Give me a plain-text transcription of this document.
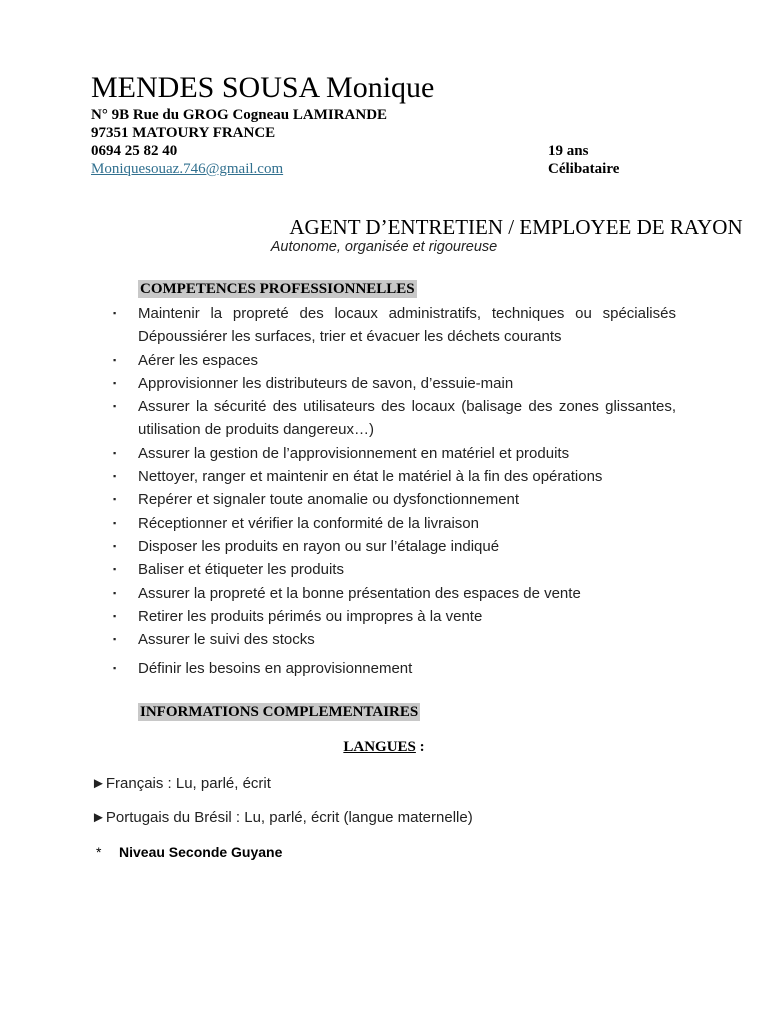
MENDES SOUSA Monique
N° 9B Rue du GROG Cogneau LAMIRANDE
97351 MATOURY FRANCE
0694 25 82 40
Moniquesouaz.746@gmail.com
19 ans
Célibataire
AGENT D’ENTRETIEN / EMPLOYEE DE RAYON
Autonome, organisée et rigoureuse
COMPETENCES PROFESSIONNELLES
▪ Maintenir la propreté des locaux administratifs, techniques ou spécialisés
Dépoussiérer les surfaces, trier et évacuer les déchets courants
▪ Aérer les espaces
▪ Approvisionner les distributeurs de savon, d’essuie-main
▪ Assurer la sécurité des utilisateurs des locaux (balisage des zones glissantes,
utilisation de produits dangereux…)
▪ Assurer la gestion de l’approvisionnement en matériel et produits
▪ Nettoyer, ranger et maintenir en état le matériel à la fin des opérations
▪ Repérer et signaler toute anomalie ou dysfonctionnement
▪ Réceptionner et vérifier la conformité de la livraison
▪ Disposer les produits en rayon ou sur l’étalage indiqué
▪ Baliser et étiqueter les produits
▪ Assurer la propreté et la bonne présentation des espaces de vente
▪ Retirer les produits périmés ou impropres à la vente
▪ Assurer le suivi des stocks
▪ Définir les besoins en approvisionnement
INFORMATIONS COMPLEMENTAIRES
LANGUES :
►Français : Lu, parlé, écrit
►Portugais du Brésil : Lu, parlé, écrit (langue maternelle)
* Niveau Seconde Guyane
